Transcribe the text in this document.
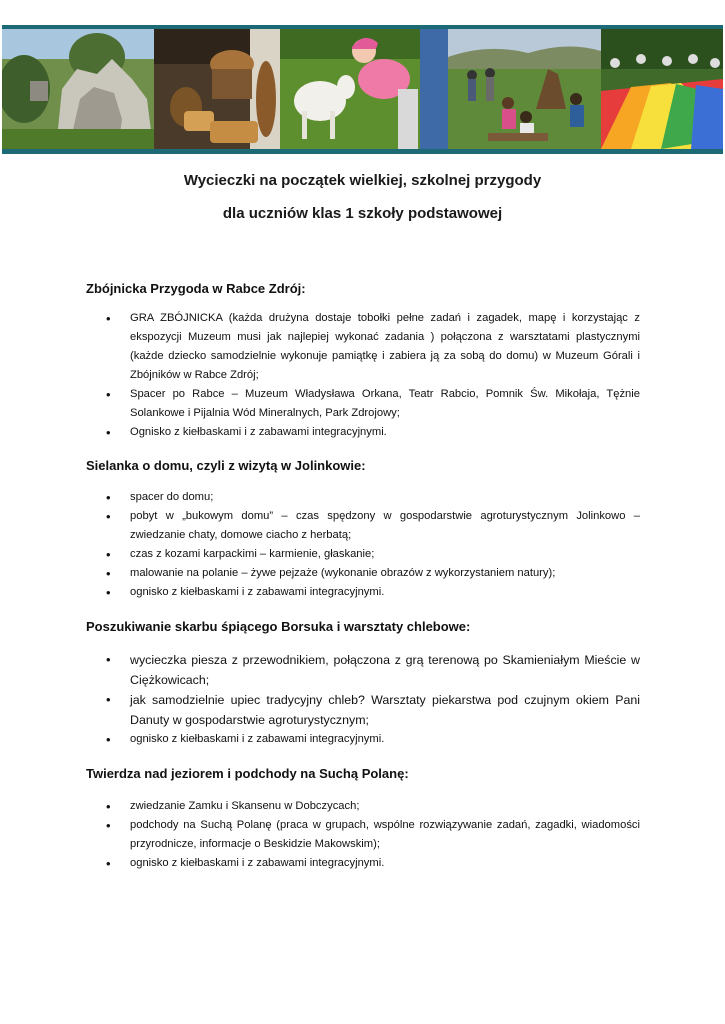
Wycieczki na początek wielkiej, szkolnej przygody
dla uczniów klas 1 szkoły podstawowej
Zbójnicka Przygoda w Rabce Zdrój:
• GRA ZBÓJNICKA (każda drużyna dostaje tobołki pełne zadań i zagadek, mapę i korzystając z ekspozycji Muzeum musi jak najlepiej wykonać zadania ) połączona z warsztatami plastycznymi (każde dziecko samodzielnie wykonuje pamiątkę i zabiera ją za sobą do domu) w Muzeum Górali i Zbójników w Rabce Zdrój;
• Spacer po Rabce – Muzeum Władysława Orkana, Teatr Rabcio, Pomnik Św. Mikołaja, Tężnie Solankowe i Pijalnia Wód Mineralnych, Park Zdrojowy;
• Ognisko z kiełbaskami i z zabawami integracyjnymi.
Sielanka o domu, czyli z wizytą w Jolinkowie:
• spacer do domu;
• pobyt w „bukowym domu” – czas spędzony w gospodarstwie agroturystycznym Jolinkowo – zwiedzanie chaty, domowe ciacho z herbatą;
• czas z kozami karpackimi – karmienie, głaskanie;
• malowanie na polanie – żywe pejzaże (wykonanie obrazów z wykorzystaniem natury);
• ognisko z kiełbaskami i z zabawami integracyjnymi.
Poszukiwanie skarbu śpiącego Borsuka i warsztaty chlebowe:
• wycieczka piesza z przewodnikiem, połączona z grą terenową po Skamieniałym Mieście w Ciężkowicach;
• jak samodzielnie upiec tradycyjny chleb? Warsztaty piekarstwa pod czujnym okiem Pani Danuty w gospodarstwie agroturystycznym;
• ognisko z kiełbaskami i z zabawami integracyjnymi.
Twierdza nad jeziorem i podchody na Suchą Polanę:
• zwiedzanie Zamku i Skansenu w Dobczycach;
• podchody na Suchą Polanę (praca w grupach, wspólne rozwiązywanie zadań, zagadki, wiadomości przyrodnicze, informacje o Beskidzie Makowskim);
• ognisko z kiełbaskami i z zabawami integracyjnymi.
